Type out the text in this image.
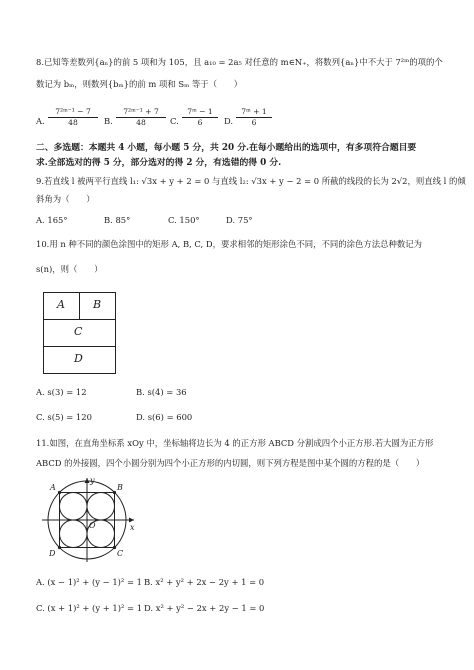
8.已知等差数列{aₙ}的前 5 项和为 105，且 a₁₀ = 2a₅ 对任意的 m∈N₊，将数列{aₙ}中不大于 7²ᵐ的项的个
数记为 bₘ，则数列{bₘ}的前 m 项和 Sₘ 等于（　　）
A. $\frac{\text{7²ᵐ⁻¹ − 7}}{48} B$. $\frac{\text{7²ᵐ⁻¹ + 7}}{48} C$. $\frac{\text{7ᵐ − 1}}{6} D$. $\frac{\text{7ᵐ + 1}}{6}$
二、多选题：本题共 4 小题，每小题 5 分，共 20 分.在每小题给出的选项中，有多项符合题目要
求.全部选对的得 5 分，部分选对的得 2 分，有选错的得 0 分.
9.若直线 l 被两平行直线 l₁: √3x + y + 2 = 0 与直线 l₂: √3x + y − 2 = 0 所截的线段的长为 2√2，则直线 l 的倾
斜角为（　　）
A. 165°	B. 85°	C. 150°	D. 75°
10.用 n 种不同的颜色涂图中的矩形 A, B, C, D，要求相邻的矩形涂色不同，不同的涂色方法总种数记为
s(n)，则（　　）
A	B
C
D
A. s(3) = 12	B. s(4) = 36
C. s(5) = 120	D. s(6) = 600
11.如图，在直角坐标系 xOy 中，坐标轴将边长为 4 的正方形 ABCD 分割成四个小正方形.若大圆为正方形
ABCD 的外接圆，四个小圆分别为四个小正方形的内切圆，则下列方程是图中某个圆的方程的是（　　）
A	B
C
D
O	x
y
A. (x − 1)² + (y − 1)² = 1 B. x² + y² + 2x − 2y + 1 = 0
C. (x + 1)² + (y + 1)² = 1 D. x² + y² − 2x + 2y − 1 = 0
